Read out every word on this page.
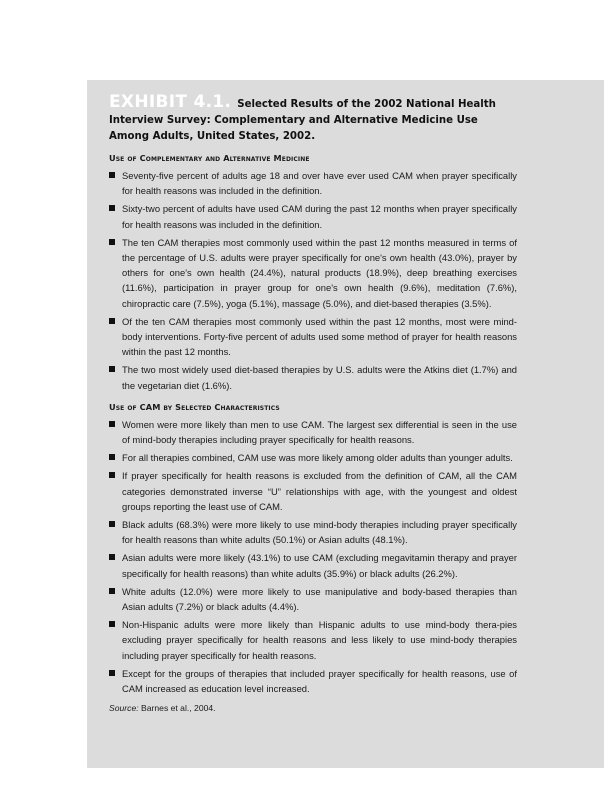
EXHIBIT 4.1. Selected Results of the 2002 National Health Interview Survey: Complementary and Alternative Medicine Use Among Adults, United States, 2002.

Use of Complementary and Alternative Medicine
Seventy-five percent of adults age 18 and over have ever used CAM when prayer specifically for health reasons was included in the definition.
Sixty-two percent of adults have used CAM during the past 12 months when prayer specifically for health reasons was included in the definition.
The ten CAM therapies most commonly used within the past 12 months measured in terms of the percentage of U.S. adults were prayer specifically for one's own health (43.0%), prayer by others for one's own health (24.4%), natural products (18.9%), deep breathing exercises (11.6%), participation in prayer group for one's own health (9.6%), meditation (7.6%), chiropractic care (7.5%), yoga (5.1%), massage (5.0%), and diet-based therapies (3.5%).
Of the ten CAM therapies most commonly used within the past 12 months, most were mind-body interventions. Forty-five percent of adults used some method of prayer for health reasons within the past 12 months.
The two most widely used diet-based therapies by U.S. adults were the Atkins diet (1.7%) and the vegetarian diet (1.6%).
Use of CAM by Selected Characteristics
Women were more likely than men to use CAM. The largest sex differential is seen in the use of mind-body therapies including prayer specifically for health reasons.
For all therapies combined, CAM use was more likely among older adults than younger adults.
If prayer specifically for health reasons is excluded from the definition of CAM, all the CAM categories demonstrated inverse “U” relationships with age, with the youngest and oldest groups reporting the least use of CAM.
Black adults (68.3%) were more likely to use mind-body therapies including prayer specifically for health reasons than white adults (50.1%) or Asian adults (48.1%).
Asian adults were more likely (43.1%) to use CAM (excluding megavitamin therapy and prayer specifically for health reasons) than white adults (35.9%) or black adults (26.2%).
White adults (12.0%) were more likely to use manipulative and body-based therapies than Asian adults (7.2%) or black adults (4.4%).
Non-Hispanic adults were more likely than Hispanic adults to use mind-body thera-pies excluding prayer specifically for health reasons and less likely to use mind-body therapies including prayer specifically for health reasons.
Except for the groups of therapies that included prayer specifically for health reasons, use of CAM increased as education level increased.
Source: Barnes et al., 2004.
